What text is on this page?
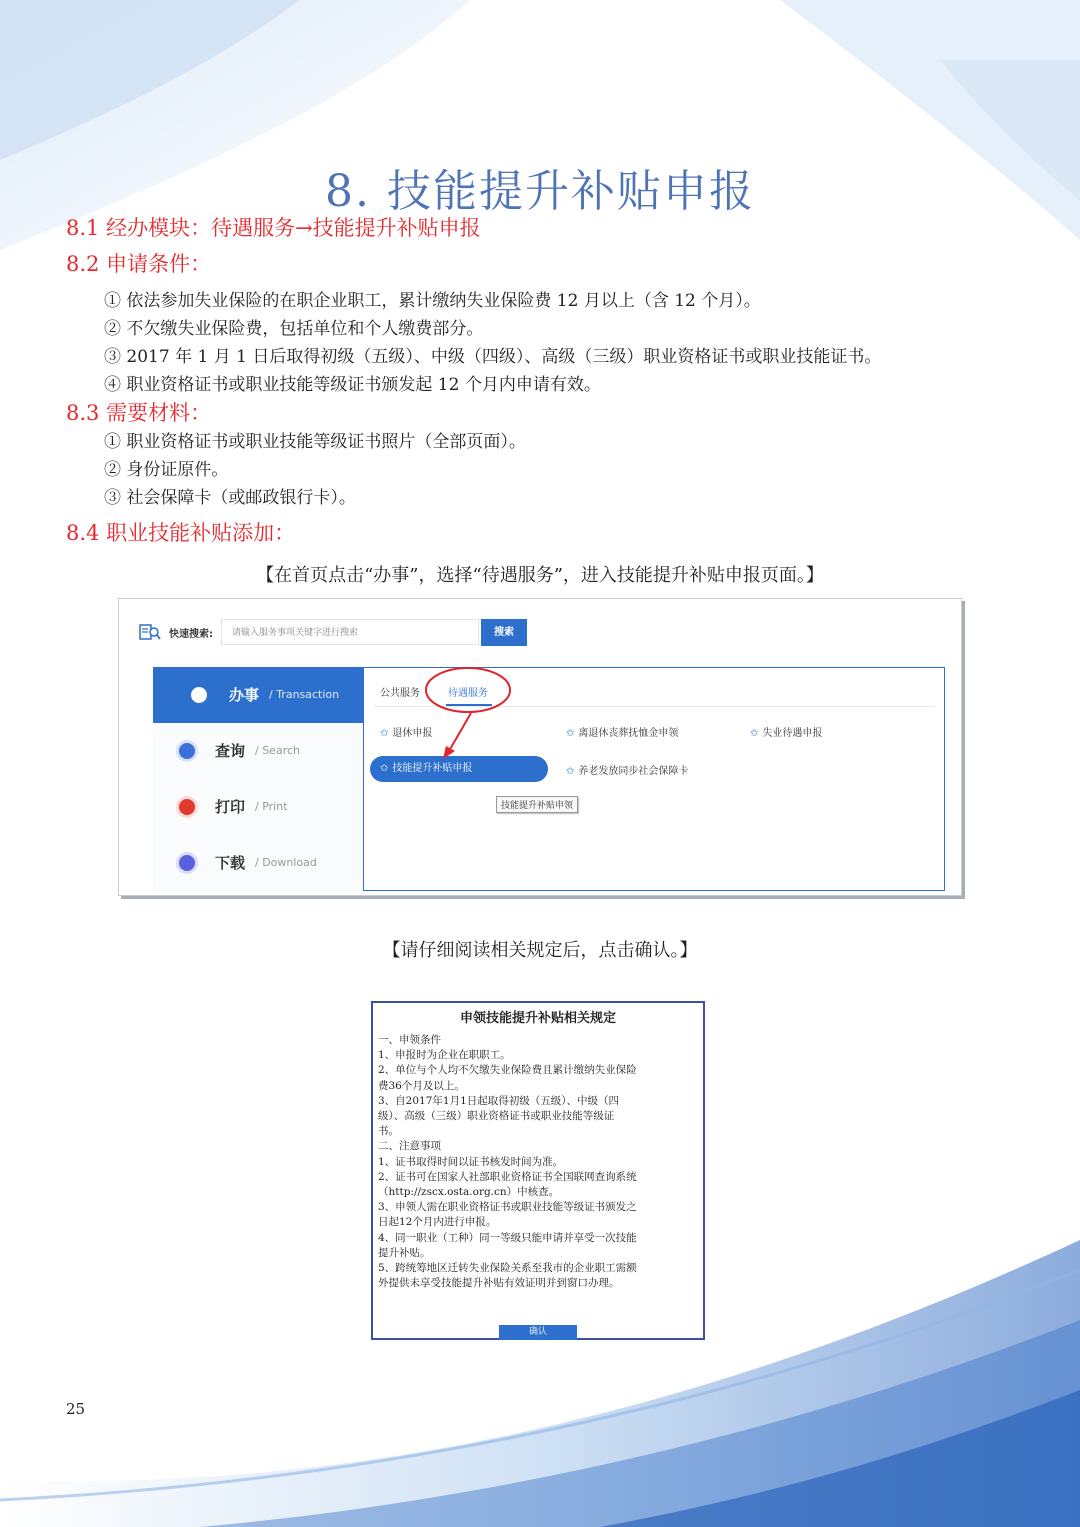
8. 技能提升补贴申报
8.1 经办模块：待遇服务→技能提升补贴申报
8.2 申请条件：
① 依法参加失业保险的在职企业职工，累计缴纳失业保险费 12 月以上（含 12 个月）。
② 不欠缴失业保险费，包括单位和个人缴费部分。
③ 2017 年 1 月 1 日后取得初级（五级）、中级（四级）、高级（三级）职业资格证书或职业技能证书。
④ 职业资格证书或职业技能等级证书颁发起 12 个月内申请有效。
8.3 需要材料：
① 职业资格证书或职业技能等级证书照片（全部页面）。
② 身份证原件。
③ 社会保障卡（或邮政银行卡）。
8.4 职业技能补贴添加：
【在首页点击“办事”，选择“待遇服务”，进入技能提升补贴申报页面。】
快速搜索:	请输入服务事项关键字进行搜索	搜索
办事 / Transaction
查询 / Search
打印 / Print
下载 / Download
公共服务	待遇服务
✩ 退休申报	✩ 离退休丧葬抚恤金申领	✩ 失业待遇申报
✩ 技能提升补贴申报	✩ 养老发放同步社会保障卡
技能提升补贴申领
【请仔细阅读相关规定后，点击确认。】
申领技能提升补贴相关规定
一、申领条件
1、申报时为企业在职职工。
2、单位与个人均不欠缴失业保险费且累计缴纳失业保险
费36个月及以上。
3、自2017年1月1日起取得初级（五级）、中级（四
级）、高级（三级）职业资格证书或职业技能等级证
书。
二、注意事项
1、证书取得时间以证书核发时间为准。
2、证书可在国家人社部职业资格证书全国联网查询系统
（http://zscx.osta.org.cn）中核查。
3、申领人需在职业资格证书或职业技能等级证书颁发之
日起12个月内进行申报。
4、同一职业（工种）同一等级只能申请并享受一次技能
提升补贴。
5、跨统筹地区迁转失业保险关系至我市的企业职工需额
外提供未享受技能提升补贴有效证明并到窗口办理。
确认
25
